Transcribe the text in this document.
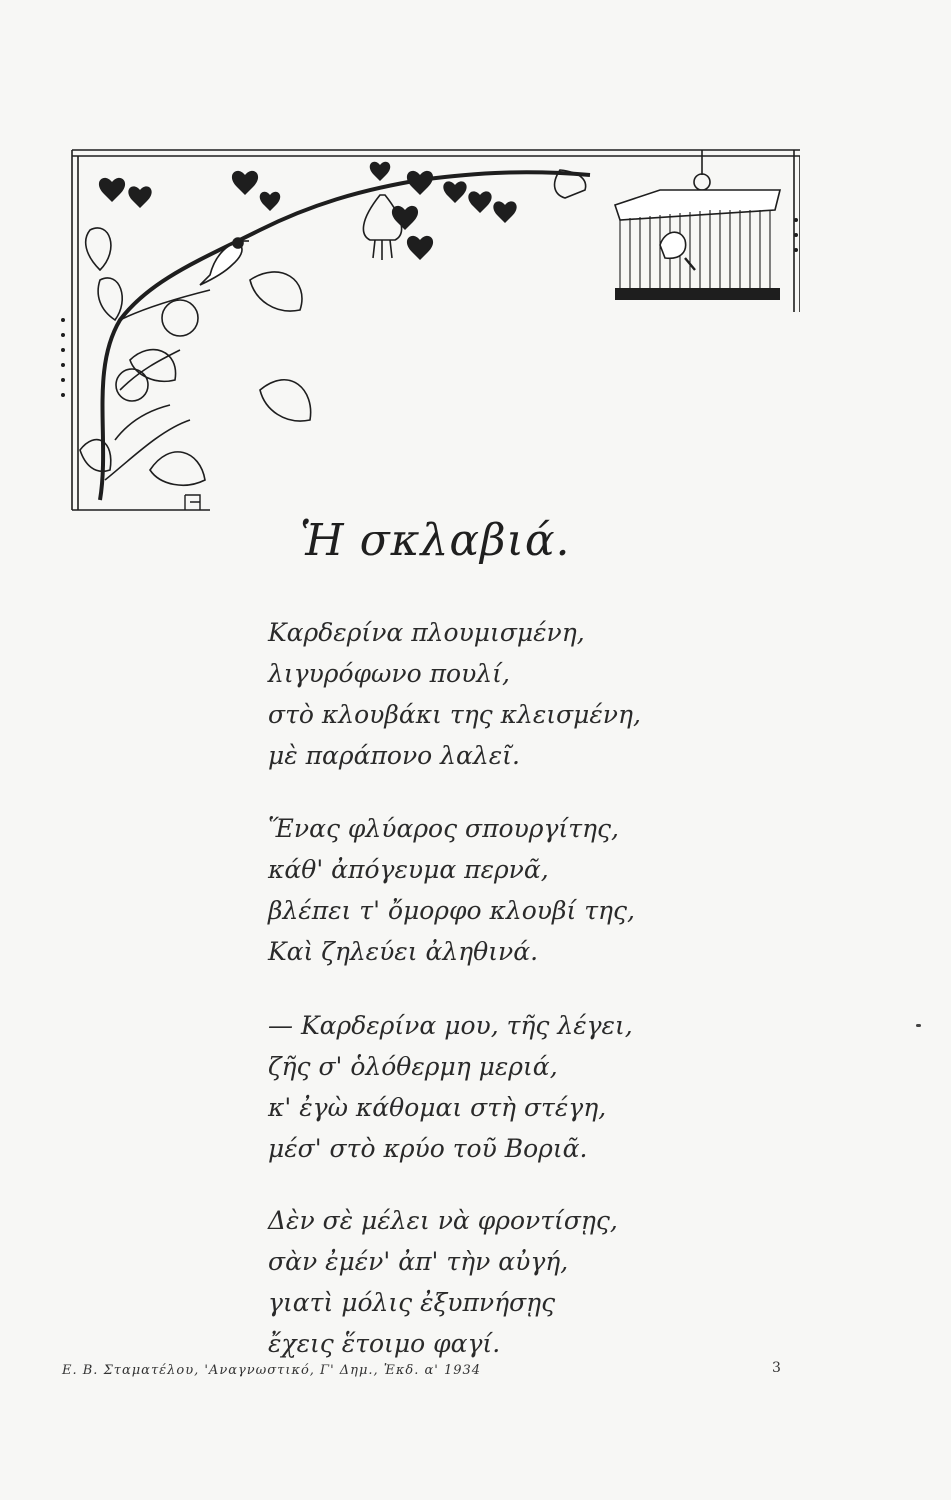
Ἡ σκλαβιά.
Καρδερίνα πλουμισμένη,
λιγυρόφωνο πουλί,
στὸ κλουβάκι της κλεισμένη,
μὲ παράπονο λαλεῖ.
Ἕνας φλύαρος σπουργίτης,
κάθ' ἀπόγευμα περνᾶ,
βλέπει τ' ὄμορφο κλουβί της,
Καὶ ζηλεύει ἀληθινά.
— Καρδερίνα μου, τῆς λέγει,
ζῆς σ' ὁλόθερμη μεριά,
κ' ἐγὼ κάθομαι στὴ στέγη,
μέσ' στὸ κρύο τοῦ Βοριᾶ.
Δὲν σὲ μέλει νὰ φροντίσῃς,
σὰν ἐμέν' ἀπ' τὴν αὐγή,
γιατὶ μόλις ἐξυπνήσῃς
ἔχεις ἕτοιμο φαγί.
Ε. Β. Σταματέλου, 'Αναγνωστικό, Γ' Δημ., Ἐκδ. α' 1934	3
